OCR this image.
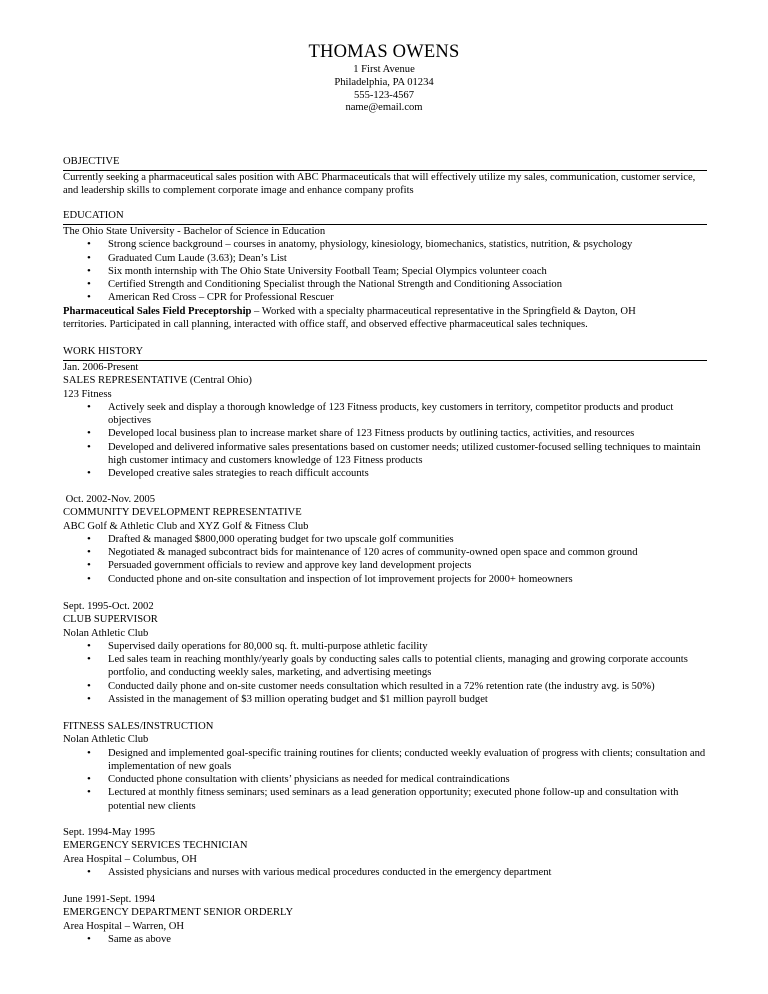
THOMAS OWENS
1 First Avenue
Philadelphia, PA 01234
555-123-4567
name@email.com
OBJECTIVE
Currently seeking a pharmaceutical sales position with ABC Pharmaceuticals that will effectively utilize my sales, communication, customer service, and leadership skills to complement corporate image and enhance company profits
EDUCATION
The Ohio State University - Bachelor of Science in Education
• Strong science background – courses in anatomy, physiology, kinesiology, biomechanics, statistics, nutrition, & psychology
• Graduated Cum Laude (3.63); Dean’s List
• Six month internship with The Ohio State University Football Team; Special Olympics volunteer coach
• Certified Strength and Conditioning Specialist through the National Strength and Conditioning Association
• American Red Cross – CPR for Professional Rescuer
Pharmaceutical Sales Field Preceptorship – Worked with a specialty pharmaceutical representative in the Springfield & Dayton, OH territories. Participated in call planning, interacted with office staff, and observed effective pharmaceutical sales techniques.
WORK HISTORY
Jan. 2006-Present
SALES REPRESENTATIVE (Central Ohio)
123 Fitness
• Actively seek and display a thorough knowledge of 123 Fitness products, key customers in territory, competitor products and product objectives
• Developed local business plan to increase market share of 123 Fitness products by outlining tactics, activities, and resources
• Developed and delivered informative sales presentations based on customer needs; utilized customer-focused selling techniques to maintain high customer intimacy and customers knowledge of 123 Fitness products
• Developed creative sales strategies to reach difficult accounts
Oct. 2002-Nov. 2005
COMMUNITY DEVELOPMENT REPRESENTATIVE
ABC Golf & Athletic Club and XYZ Golf & Fitness Club
• Drafted & managed $800,000 operating budget for two upscale golf communities
• Negotiated & managed subcontract bids for maintenance of 120 acres of community-owned open space and common ground
• Persuaded government officials to review and approve key land development projects
• Conducted phone and on-site consultation and inspection of lot improvement projects for 2000+ homeowners
Sept. 1995-Oct. 2002
CLUB SUPERVISOR
Nolan Athletic Club
• Supervised daily operations for 80,000 sq. ft. multi-purpose athletic facility
• Led sales team in reaching monthly/yearly goals by conducting sales calls to potential clients, managing and growing corporate accounts portfolio, and conducting weekly sales, marketing, and advertising meetings
• Conducted daily phone and on-site customer needs consultation which resulted in a 72% retention rate (the industry avg. is 50%)
• Assisted in the management of $3 million operating budget and $1 million payroll budget
FITNESS SALES/INSTRUCTION
Nolan Athletic Club
• Designed and implemented goal-specific training routines for clients; conducted weekly evaluation of progress with clients; consultation and implementation of new goals
• Conducted phone consultation with clients’ physicians as needed for medical contraindications
• Lectured at monthly fitness seminars; used seminars as a lead generation opportunity; executed phone follow-up and consultation with potential new clients
Sept. 1994-May 1995
EMERGENCY SERVICES TECHNICIAN
Area Hospital – Columbus, OH
• Assisted physicians and nurses with various medical procedures conducted in the emergency department
June 1991-Sept. 1994
EMERGENCY DEPARTMENT SENIOR ORDERLY
Area Hospital – Warren, OH
• Same as above
